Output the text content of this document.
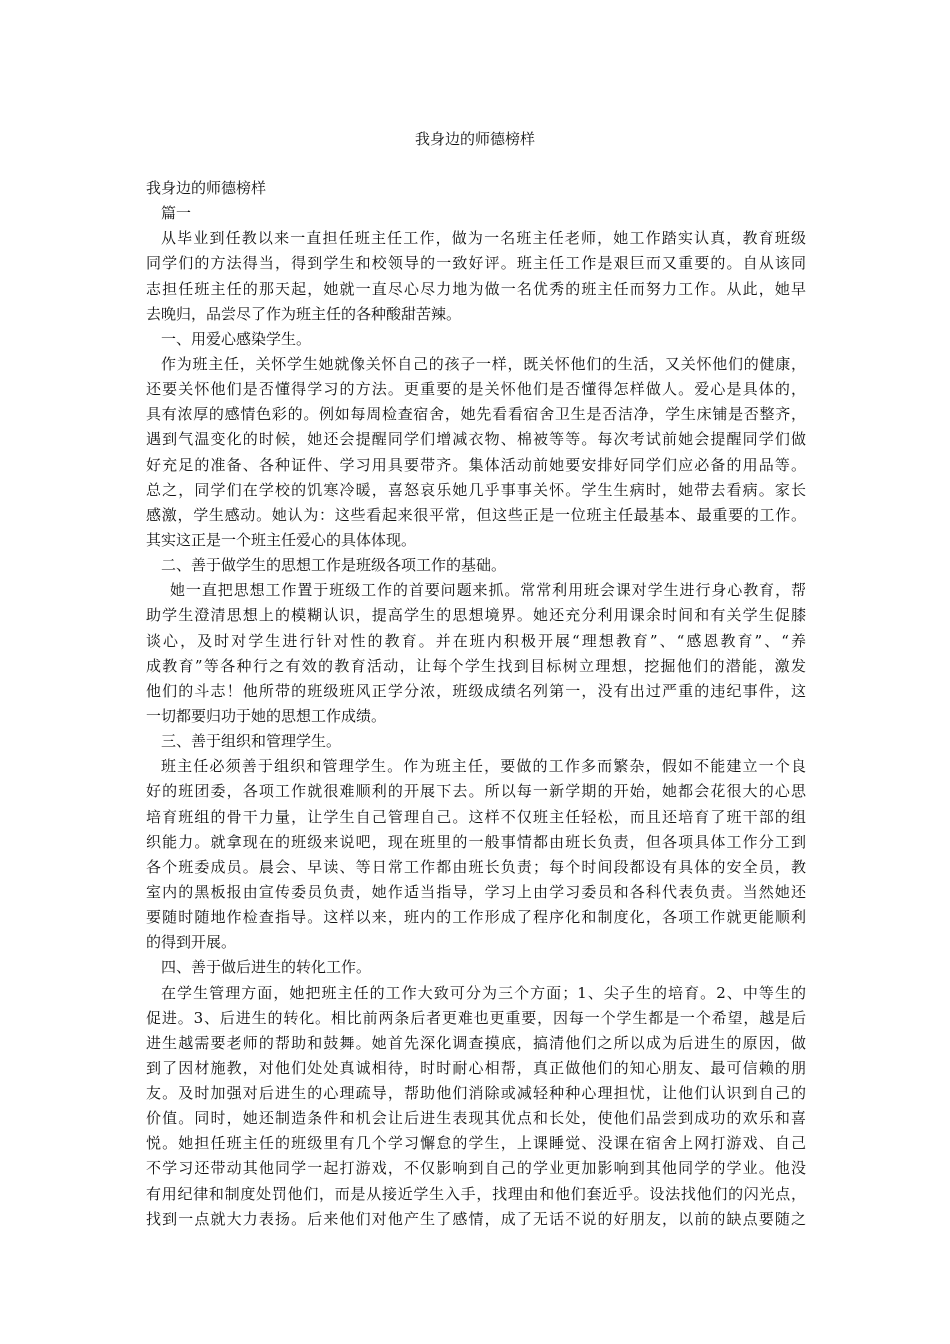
我身边的师德榜样
我身边的师德榜样
篇一
从毕业到任教以来一直担任班主任工作，做为一名班主任老师，她工作踏实认真，教育班级
同学们的方法得当，得到学生和校领导的一致好评。班主任工作是艰巨而又重要的。自从该同
志担任班主任的那天起，她就一直尽心尽力地为做一名优秀的班主任而努力工作。从此，她早
去晚归，品尝尽了作为班主任的各种酸甜苦辣。
一、用爱心感染学生。
作为班主任，关怀学生她就像关怀自己的孩子一样，既关怀他们的生活，又关怀他们的健康，
还要关怀他们是否懂得学习的方法。更重要的是关怀他们是否懂得怎样做人。爱心是具体的，
具有浓厚的感情色彩的。例如每周检查宿舍，她先看看宿舍卫生是否洁净，学生床铺是否整齐，
遇到气温变化的时候，她还会提醒同学们增减衣物、棉被等等。每次考试前她会提醒同学们做
好充足的准备、各种证件、学习用具要带齐。集体活动前她要安排好同学们应必备的用品等。
总之，同学们在学校的饥寒冷暖，喜怒哀乐她几乎事事关怀。学生生病时，她带去看病。家长
感激，学生感动。她认为：这些看起来很平常，但这些正是一位班主任最基本、最重要的工作。
其实这正是一个班主任爱心的具体体现。
二、善于做学生的思想工作是班级各项工作的基础。
她一直把思想工作置于班级工作的首要问题来抓。常常利用班会课对学生进行身心教育，帮
助学生澄清思想上的模糊认识，提高学生的思想境界。她还充分利用课余时间和有关学生促膝
谈心，及时对学生进行针对性的教育。并在班内积极开展“理想教育”、“感恩教育”、“养
成教育”等各种行之有效的教育活动，让每个学生找到目标树立理想，挖掘他们的潜能，激发
他们的斗志！他所带的班级班风正学分浓，班级成绩名列第一，没有出过严重的违纪事件，这
一切都要归功于她的思想工作成绩。
三、善于组织和管理学生。
班主任必须善于组织和管理学生。作为班主任，要做的工作多而繁杂，假如不能建立一个良
好的班团委，各项工作就很难顺利的开展下去。所以每一新学期的开始，她都会花很大的心思
培育班组的骨干力量，让学生自己管理自己。这样不仅班主任轻松，而且还培育了班干部的组
织能力。就拿现在的班级来说吧，现在班里的一般事情都由班长负责，但各项具体工作分工到
各个班委成员。晨会、早读、等日常工作都由班长负责；每个时间段都设有具体的安全员，教
室内的黑板报由宣传委员负责，她作适当指导，学习上由学习委员和各科代表负责。当然她还
要随时随地作检查指导。这样以来，班内的工作形成了程序化和制度化，各项工作就更能顺利
的得到开展。
四、善于做后进生的转化工作。
在学生管理方面，她把班主任的工作大致可分为三个方面；1、尖子生的培育。2、中等生的
促进。3、后进生的转化。相比前两条后者更难也更重要，因每一个学生都是一个希望，越是后
进生越需要老师的帮助和鼓舞。她首先深化调查摸底，搞清他们之所以成为后进生的原因，做
到了因材施教，对他们处处真诚相待，时时耐心相帮，真正做他们的知心朋友、最可信赖的朋
友。及时加强对后进生的心理疏导，帮助他们消除或减轻种种心理担忧，让他们认识到自己的
价值。同时，她还制造条件和机会让后进生表现其优点和长处，使他们品尝到成功的欢乐和喜
悦。她担任班主任的班级里有几个学习懈怠的学生，上课睡觉、没课在宿舍上网打游戏、自己
不学习还带动其他同学一起打游戏，不仅影响到自己的学业更加影响到其他同学的学业。他没
有用纪律和制度处罚他们，而是从接近学生入手，找理由和他们套近乎。设法找他们的闪光点，
找到一点就大力表扬。后来他们对他产生了感情，成了无话不说的好朋友，以前的缺点要随之
